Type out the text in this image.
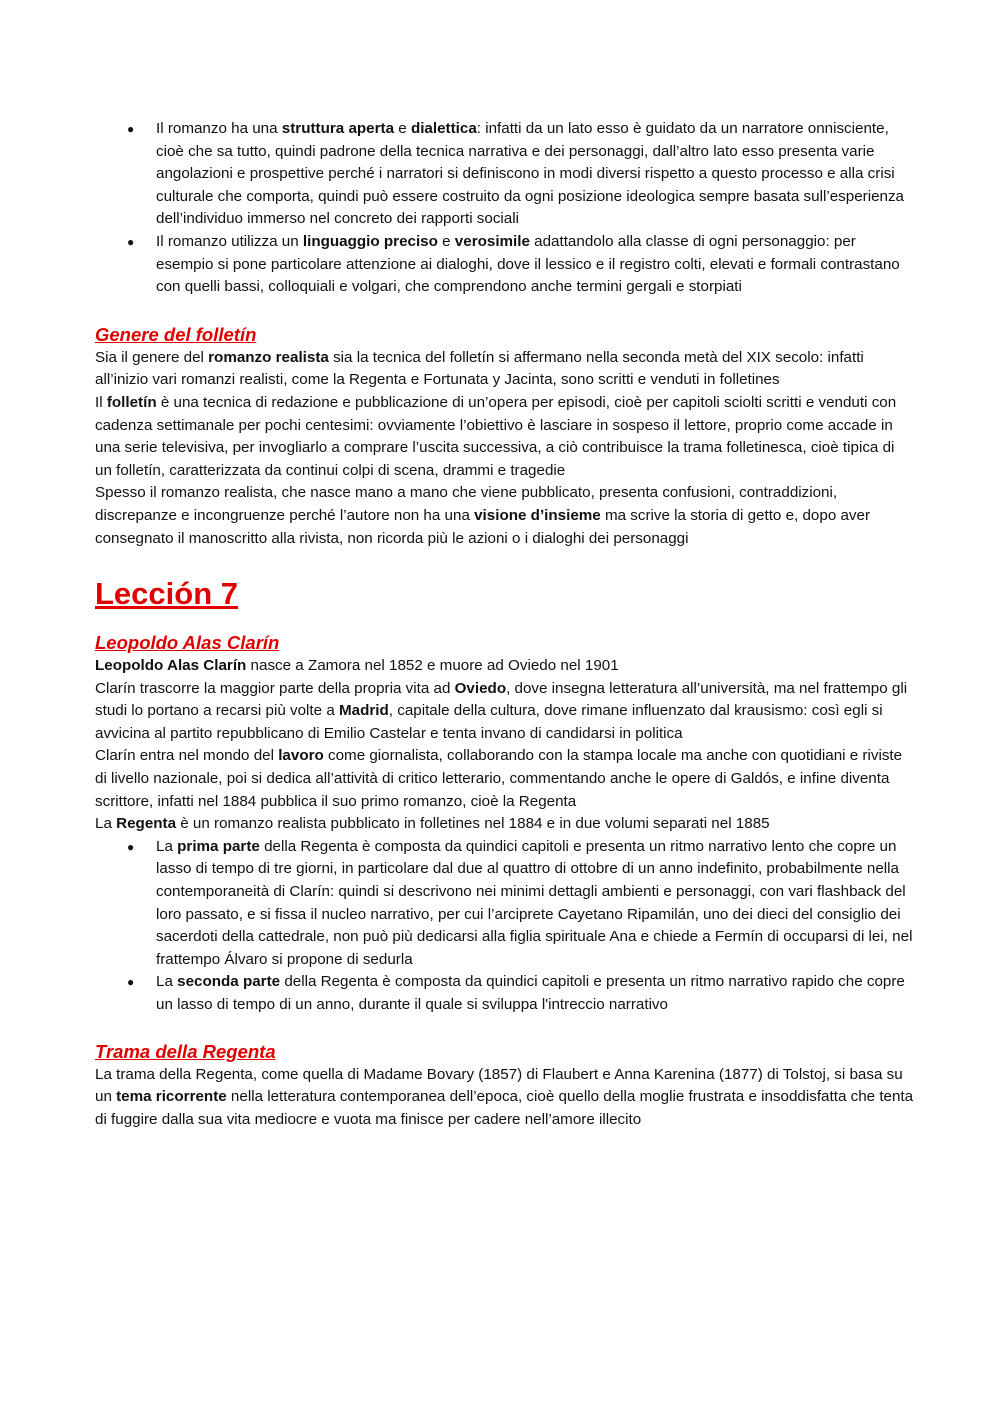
● Il romanzo ha una struttura aperta e dialettica: infatti da un lato esso è guidato da un narratore onnisciente, cioè che sa tutto, quindi padrone della tecnica narrativa e dei personaggi, dall’altro lato esso presenta varie angolazioni e prospettive perché i narratori si definiscono in modi diversi rispetto a questo processo e alla crisi culturale che comporta, quindi può essere costruito da ogni posizione ideologica sempre basata sull’esperienza dell’individuo immerso nel concreto dei rapporti sociali
● Il romanzo utilizza un linguaggio preciso e verosimile adattandolo alla classe di ogni personaggio: per esempio si pone particolare attenzione ai dialoghi, dove il lessico e il registro colti, elevati e formali contrastano con quelli bassi, colloquiali e volgari, che comprendono anche termini gergali e storpiati
Genere del folletín

Sia il genere del romanzo realista sia la tecnica del folletín si affermano nella seconda metà del XIX secolo: infatti all’inizio vari romanzi realisti, come la Regenta e Fortunata y Jacinta, sono scritti e venduti in folletines

Il folletín è una tecnica di redazione e pubblicazione di un’opera per episodi, cioè per capitoli sciolti scritti e venduti con cadenza settimanale per pochi centesimi: ovviamente l’obiettivo è lasciare in sospeso il lettore, proprio come accade in una serie televisiva, per invogliarlo a comprare l’uscita successiva, a ciò contribuisce la trama folletinesca, cioè tipica di un folletín, caratterizzata da continui colpi di scena, drammi e tragedie

Spesso il romanzo realista, che nasce mano a mano che viene pubblicato, presenta confusioni, contraddizioni, discrepanze e incongruenze perché l’autore non ha una visione d’insieme ma scrive la storia di getto e, dopo aver consegnato il manoscritto alla rivista, non ricorda più le azioni o i dialoghi dei personaggi

Lección 7
Leopoldo Alas Clarín

Leopoldo Alas Clarín nasce a Zamora nel 1852 e muore ad Oviedo nel 1901

Clarín trascorre la maggior parte della propria vita ad Oviedo, dove insegna letteratura all’università, ma nel frattempo gli studi lo portano a recarsi più volte a Madrid, capitale della cultura, dove rimane influenzato dal krausismo: così egli si avvicina al partito repubblicano di Emilio Castelar e tenta invano di candidarsi in politica

Clarín entra nel mondo del lavoro come giornalista, collaborando con la stampa locale ma anche con quotidiani e riviste di livello nazionale, poi si dedica all’attività di critico letterario, commentando anche le opere di Galdós, e infine diventa scrittore, infatti nel 1884 pubblica il suo primo romanzo, cioè la Regenta

La Regenta è un romanzo realista pubblicato in folletines nel 1884 e in due volumi separati nel 1885

● La prima parte della Regenta è composta da quindici capitoli e presenta un ritmo narrativo lento che copre un lasso di tempo di tre giorni, in particolare dal due al quattro di ottobre di un anno indefinito, probabilmente nella contemporaneità di Clarín: quindi si descrivono nei minimi dettagli ambienti e personaggi, con vari flashback del loro passato, e si fissa il nucleo narrativo, per cui l’arciprete Cayetano Ripamilán, uno dei dieci del consiglio dei sacerdoti della cattedrale, non può più dedicarsi alla figlia spirituale Ana e chiede a Fermín di occuparsi di lei, nel frattempo Álvaro si propone di sedurla
● La seconda parte della Regenta è composta da quindici capitoli e presenta un ritmo narrativo rapido che copre un lasso di tempo di un anno, durante il quale si sviluppa l'intreccio narrativo
Trama della Regenta

La trama della Regenta, come quella di Madame Bovary (1857) di Flaubert e Anna Karenina (1877) di Tolstoj, si basa su un tema ricorrente nella letteratura contemporanea dell’epoca, cioè quello della moglie frustrata e insoddisfatta che tenta di fuggire dalla sua vita mediocre e vuota ma finisce per cadere nell’amore illecito
